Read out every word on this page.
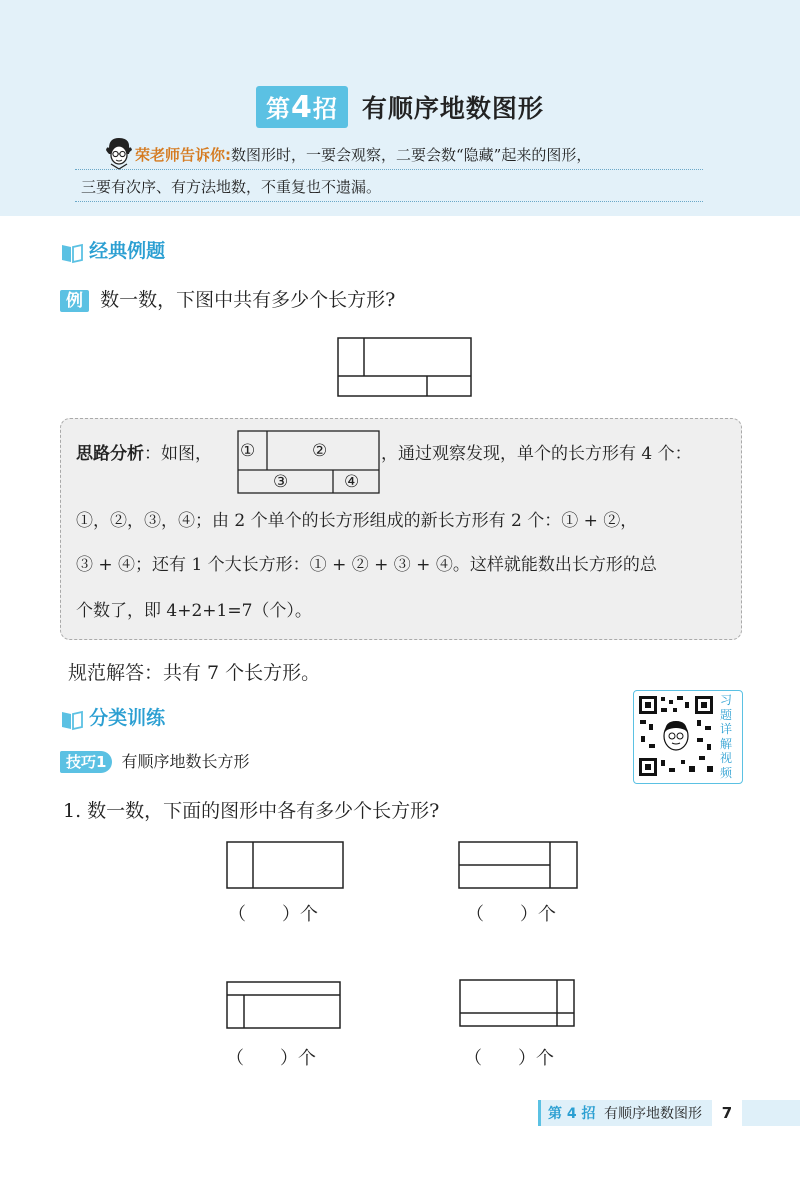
第4招 有顺序地数图形
荣老师告诉你:数图形时，一要会观察，二要会数“隐藏”起来的图形，
三要有次序、有方法地数，不重复也不遗漏。
经典例题
例 数一数，下图中共有多少个长方形?
思路分析：如图， ①	②
③	④
，通过观察发现，单个的长方形有 4 个：
①，②，③，④；由 2 个单个的长方形组成的新长方形有 2 个：① + ②，
③ + ④；还有 1 个大长方形：① + ② + ③ + ④。这样就能数出长方形的总
个数了，即 4+2+1=7（个）。
规范解答：共有 7 个长方形。
分类训练
习
题
详
解
视
频
技巧1 有顺序地数长方形
1. 数一数，下面的图形中各有多少个长方形?
（　　）个	（　　）个
（　　）个	（　　）个
第 4 招 有顺序地数图形	7
